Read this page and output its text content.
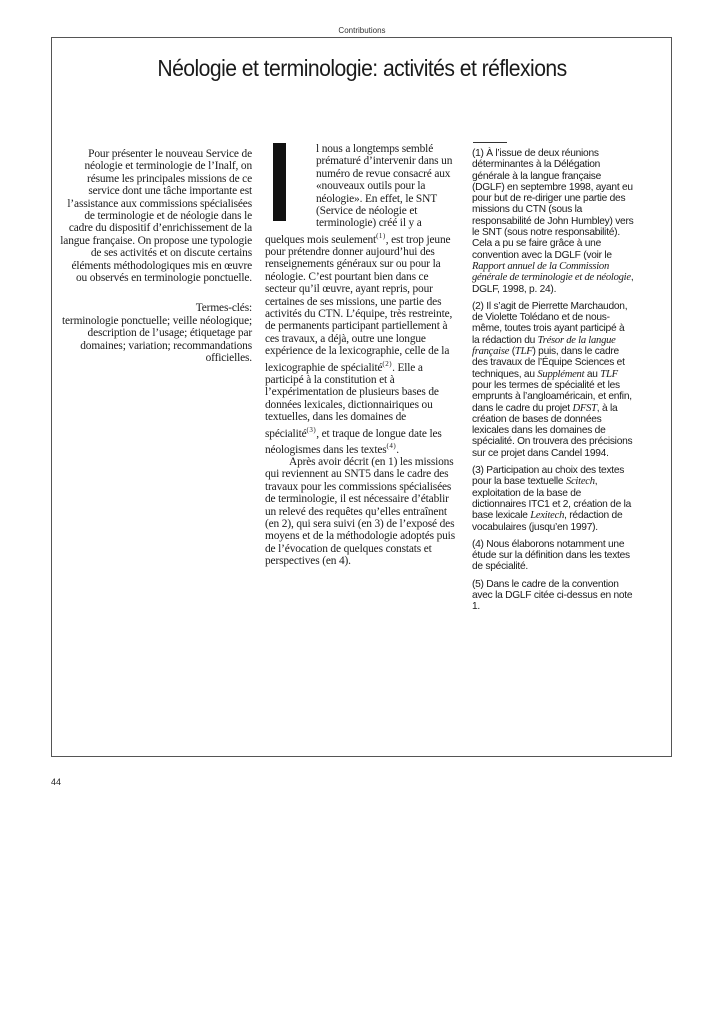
Contributions
Néologie et terminologie: activités et réflexions

Pour présenter le nouveau Service de néologie et terminologie de l’Inalf, on résume les principales missions de ce service dont une tâche importante est l’assistance aux commissions spécialisées de terminologie et de néologie dans le cadre du dispositif d’enrichissement de la langue française. On propose une typologie de ses activités et on discute certains éléments méthodologiques mis en œuvre ou observés en terminologie ponctuelle.

Termes-clés:

terminologie ponctuelle; veille néologique; description de l’usage; étiquetage par domaines; variation; recommandations officielles.

l nous a longtemps semblé prématuré d’intervenir dans un numéro de revue consacré aux «nouveaux outils pour la néologie». En effet, le SNT (Service de néologie et terminologie) créé il y a quelques mois seulement$^{(1)}$, est trop jeune pour prétendre donner aujourd’hui des renseignements généraux sur ou pour la néologie. C’est pourtant bien dans ce secteur qu’il œuvre, ayant repris, pour certaines de ses missions, une partie des activités du CTN. L’équipe, très restreinte, de permanents participant partiellement à ces travaux, a déjà, outre une longue expérience de la lexicographie, celle de la lexicographie de spécialité$^{(2)}$. Elle a participé à la constitution et à l’expérimentation de plusieurs bases de données lexicales, dictionnairiques ou textuelles, dans les domaines de spécialité$^{(3)}$, et traque de longue date les néologismes dans les textes$^{(4)}$.

Après avoir décrit (en 1) les missions qui reviennent au SNT5 dans le cadre des travaux pour les commissions spécialisées de terminologie, il est nécessaire d’établir un relevé des requêtes qu’elles entraînent (en 2), qui sera suivi (en 3) de l’exposé des moyens et de la méthodologie adoptés puis de l’évocation de quelques constats et perspectives (en 4).

(1) À l’issue de deux réunions déterminantes à la Délégation générale à la langue française (DGLF) en septembre 1998, ayant eu pour but de re-diriger une partie des missions du CTN (sous la responsabilité de John Humbley) vers le SNT (sous notre responsabilité). Cela a pu se faire grâce à une convention avec la DGLF (voir le Rapport annuel de la Commission générale de terminologie et de néologie, DGLF, 1998, p. 24).

(2) Il s’agit de Pierrette Marchaudon, de Violette Tolédano et de nous-même, toutes trois ayant participé à la rédaction du Trésor de la langue française (TLF) puis, dans le cadre des travaux de l’Équipe Sciences et techniques, au Supplément au TLF pour les termes de spécialité et les emprunts à l’angloaméricain, et enfin, dans le cadre du projet DFST, à la création de bases de données lexicales dans les domaines de spécialité. On trouvera des précisions sur ce projet dans Candel 1994.

(3) Participation au choix des textes pour la base textuelle Scitech, exploitation de la base de dictionnaires ITC1 et 2, création de la base lexicale Lexitech, rédaction de vocabulaires (jusqu’en 1997).

(4) Nous élaborons notamment une étude sur la définition dans les textes de spécialité.

(5) Dans le cadre de la convention avec la DGLF citée ci-dessus en note 1.

44
